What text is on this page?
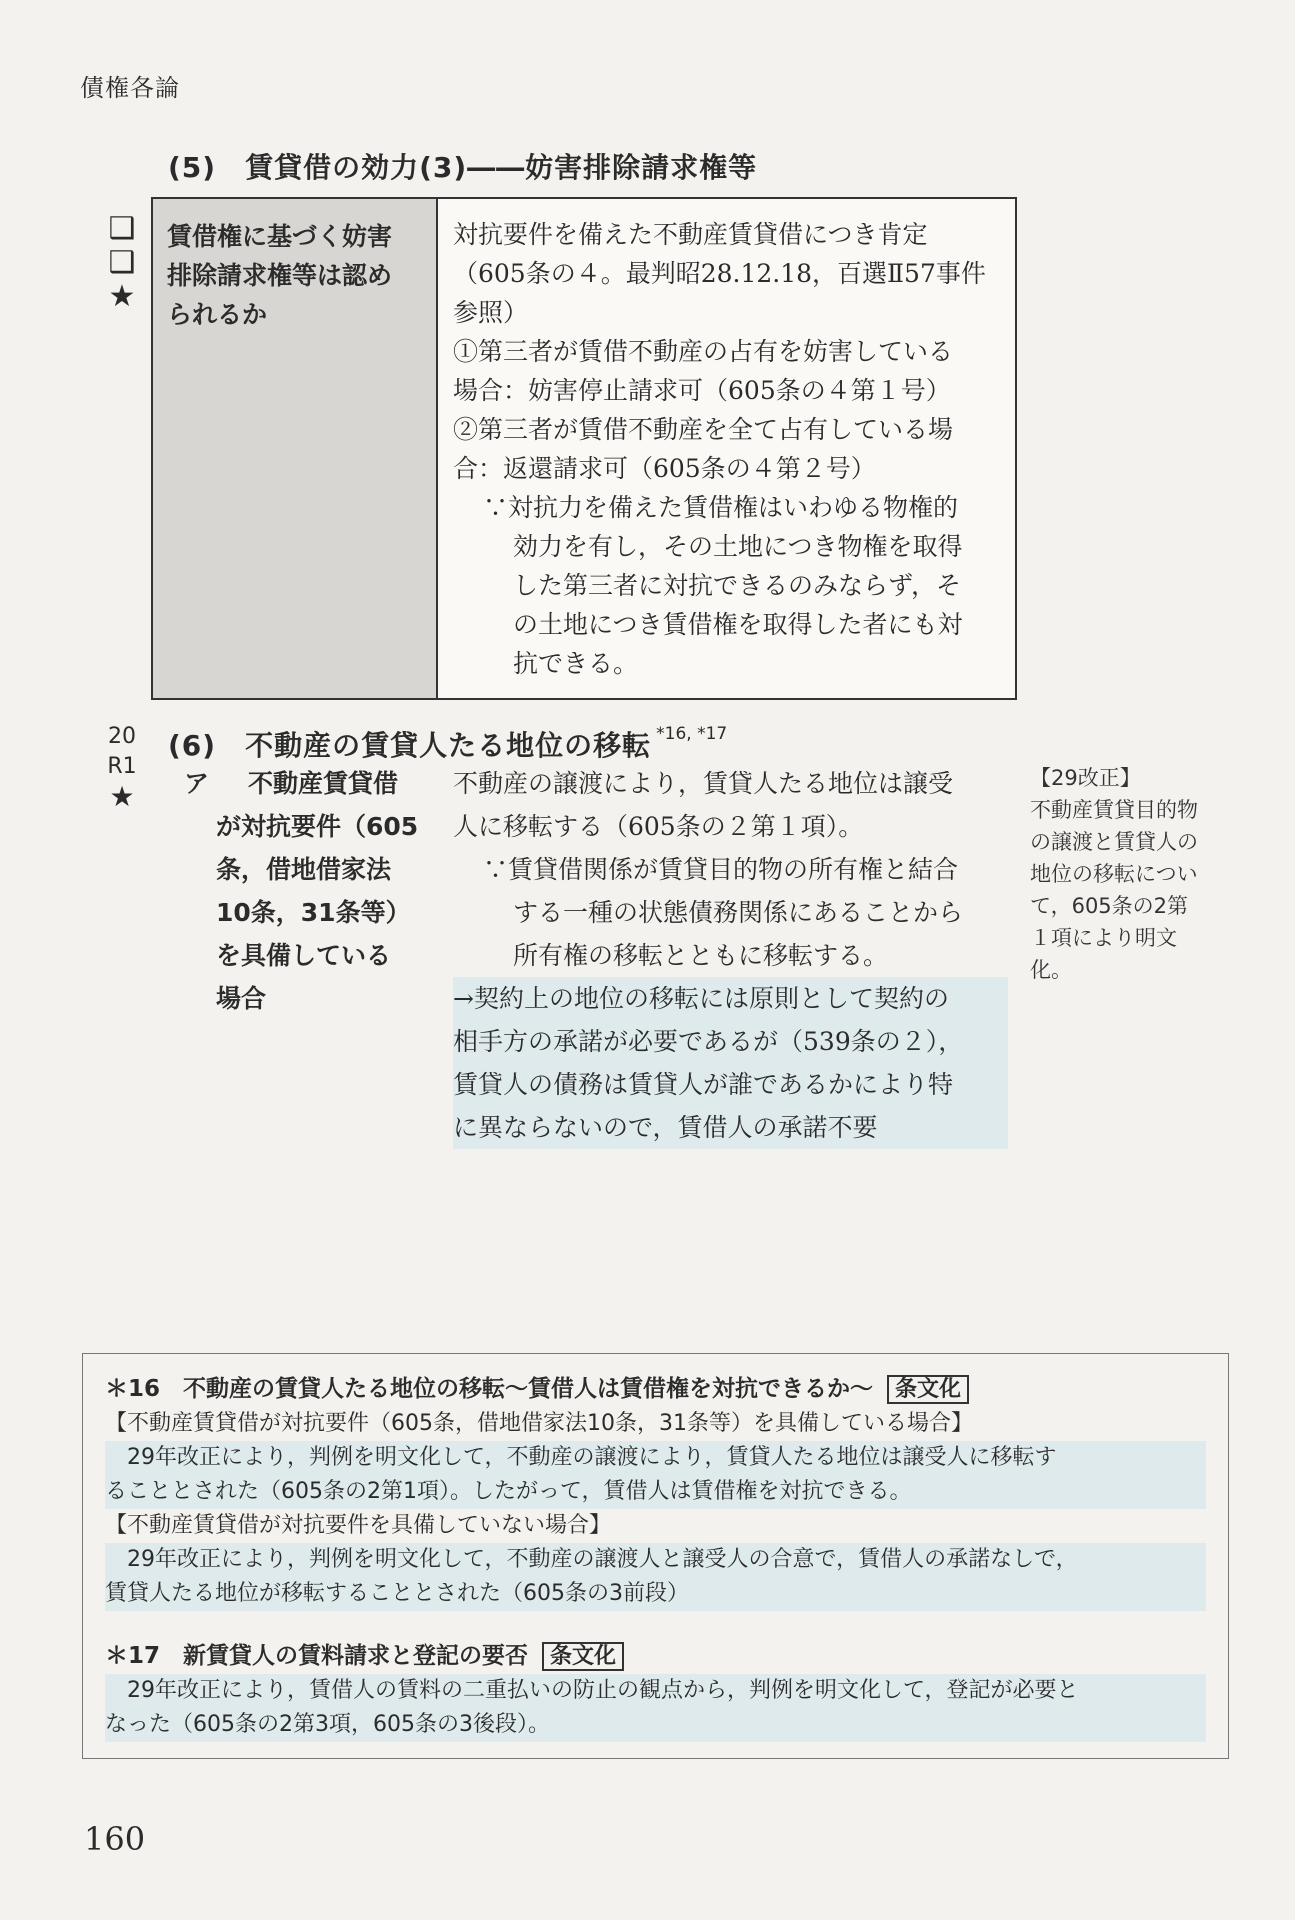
債権各論
(5)　賃貸借の効力(3)――妨害排除請求権等
❑
❑
★
賃借権に基づく妨害
排除請求権等は認め
られるか

対抗要件を備えた不動産賃貸借につき肯定

（605条の４。最判昭28.12.18，百選Ⅱ57事件

参照）

①第三者が賃借不動産の占有を妨害している

場合：妨害停止請求可（605条の４第１号）

②第三者が賃借不動産を全て占有している場

合：返還請求可（605条の４第２号）

∵対抗力を備えた賃借権はいわゆる物権的

効力を有し，その土地につき物権を取得

した第三者に対抗できるのみならず，そ

の土地につき賃借権を取得した者にも対

抗できる。

20
R1
★
(6)　不動産の賃貸人たる地位の移転 *16, *17
ア	不動産賃貸借
が対抗要件（605
条，借地借家法
10条，31条等）
を具備している
場合

不動産の譲渡により，賃貸人たる地位は譲受

人に移転する（605条の２第１項）。

∵賃貸借関係が賃貸目的物の所有権と結合

する一種の状態債務関係にあることから

所有権の移転とともに移転する。

→契約上の地位の移転には原則として契約の

相手方の承諾が必要であるが（539条の２），

賃貸人の債務は賃貸人が誰であるかにより特

に異ならないので，賃借人の承諾不要

【29改正】
不動産賃貸目的物
の譲渡と賃貸人の
地位の移転につい
て，605条の2第
１項により明文
化。

＊16　不動産の賃貸人たる地位の移転～賃借人は賃借権を対抗できるか～ 条文化

【不動産賃貸借が対抗要件（605条，借地借家法10条，31条等）を具備している場合】

　29年改正により，判例を明文化して，不動産の譲渡により，賃貸人たる地位は譲受人に移転す

ることとされた（605条の2第1項）。したがって，賃借人は賃借権を対抗できる。

【不動産賃貸借が対抗要件を具備していない場合】

　29年改正により，判例を明文化して，不動産の譲渡人と譲受人の合意で，賃借人の承諾なしで，

賃貸人たる地位が移転することとされた（605条の3前段）

＊17　新賃貸人の賃料請求と登記の要否 条文化

　29年改正により，賃借人の賃料の二重払いの防止の観点から，判例を明文化して，登記が必要と

なった（605条の2第3項，605条の3後段）。

160
